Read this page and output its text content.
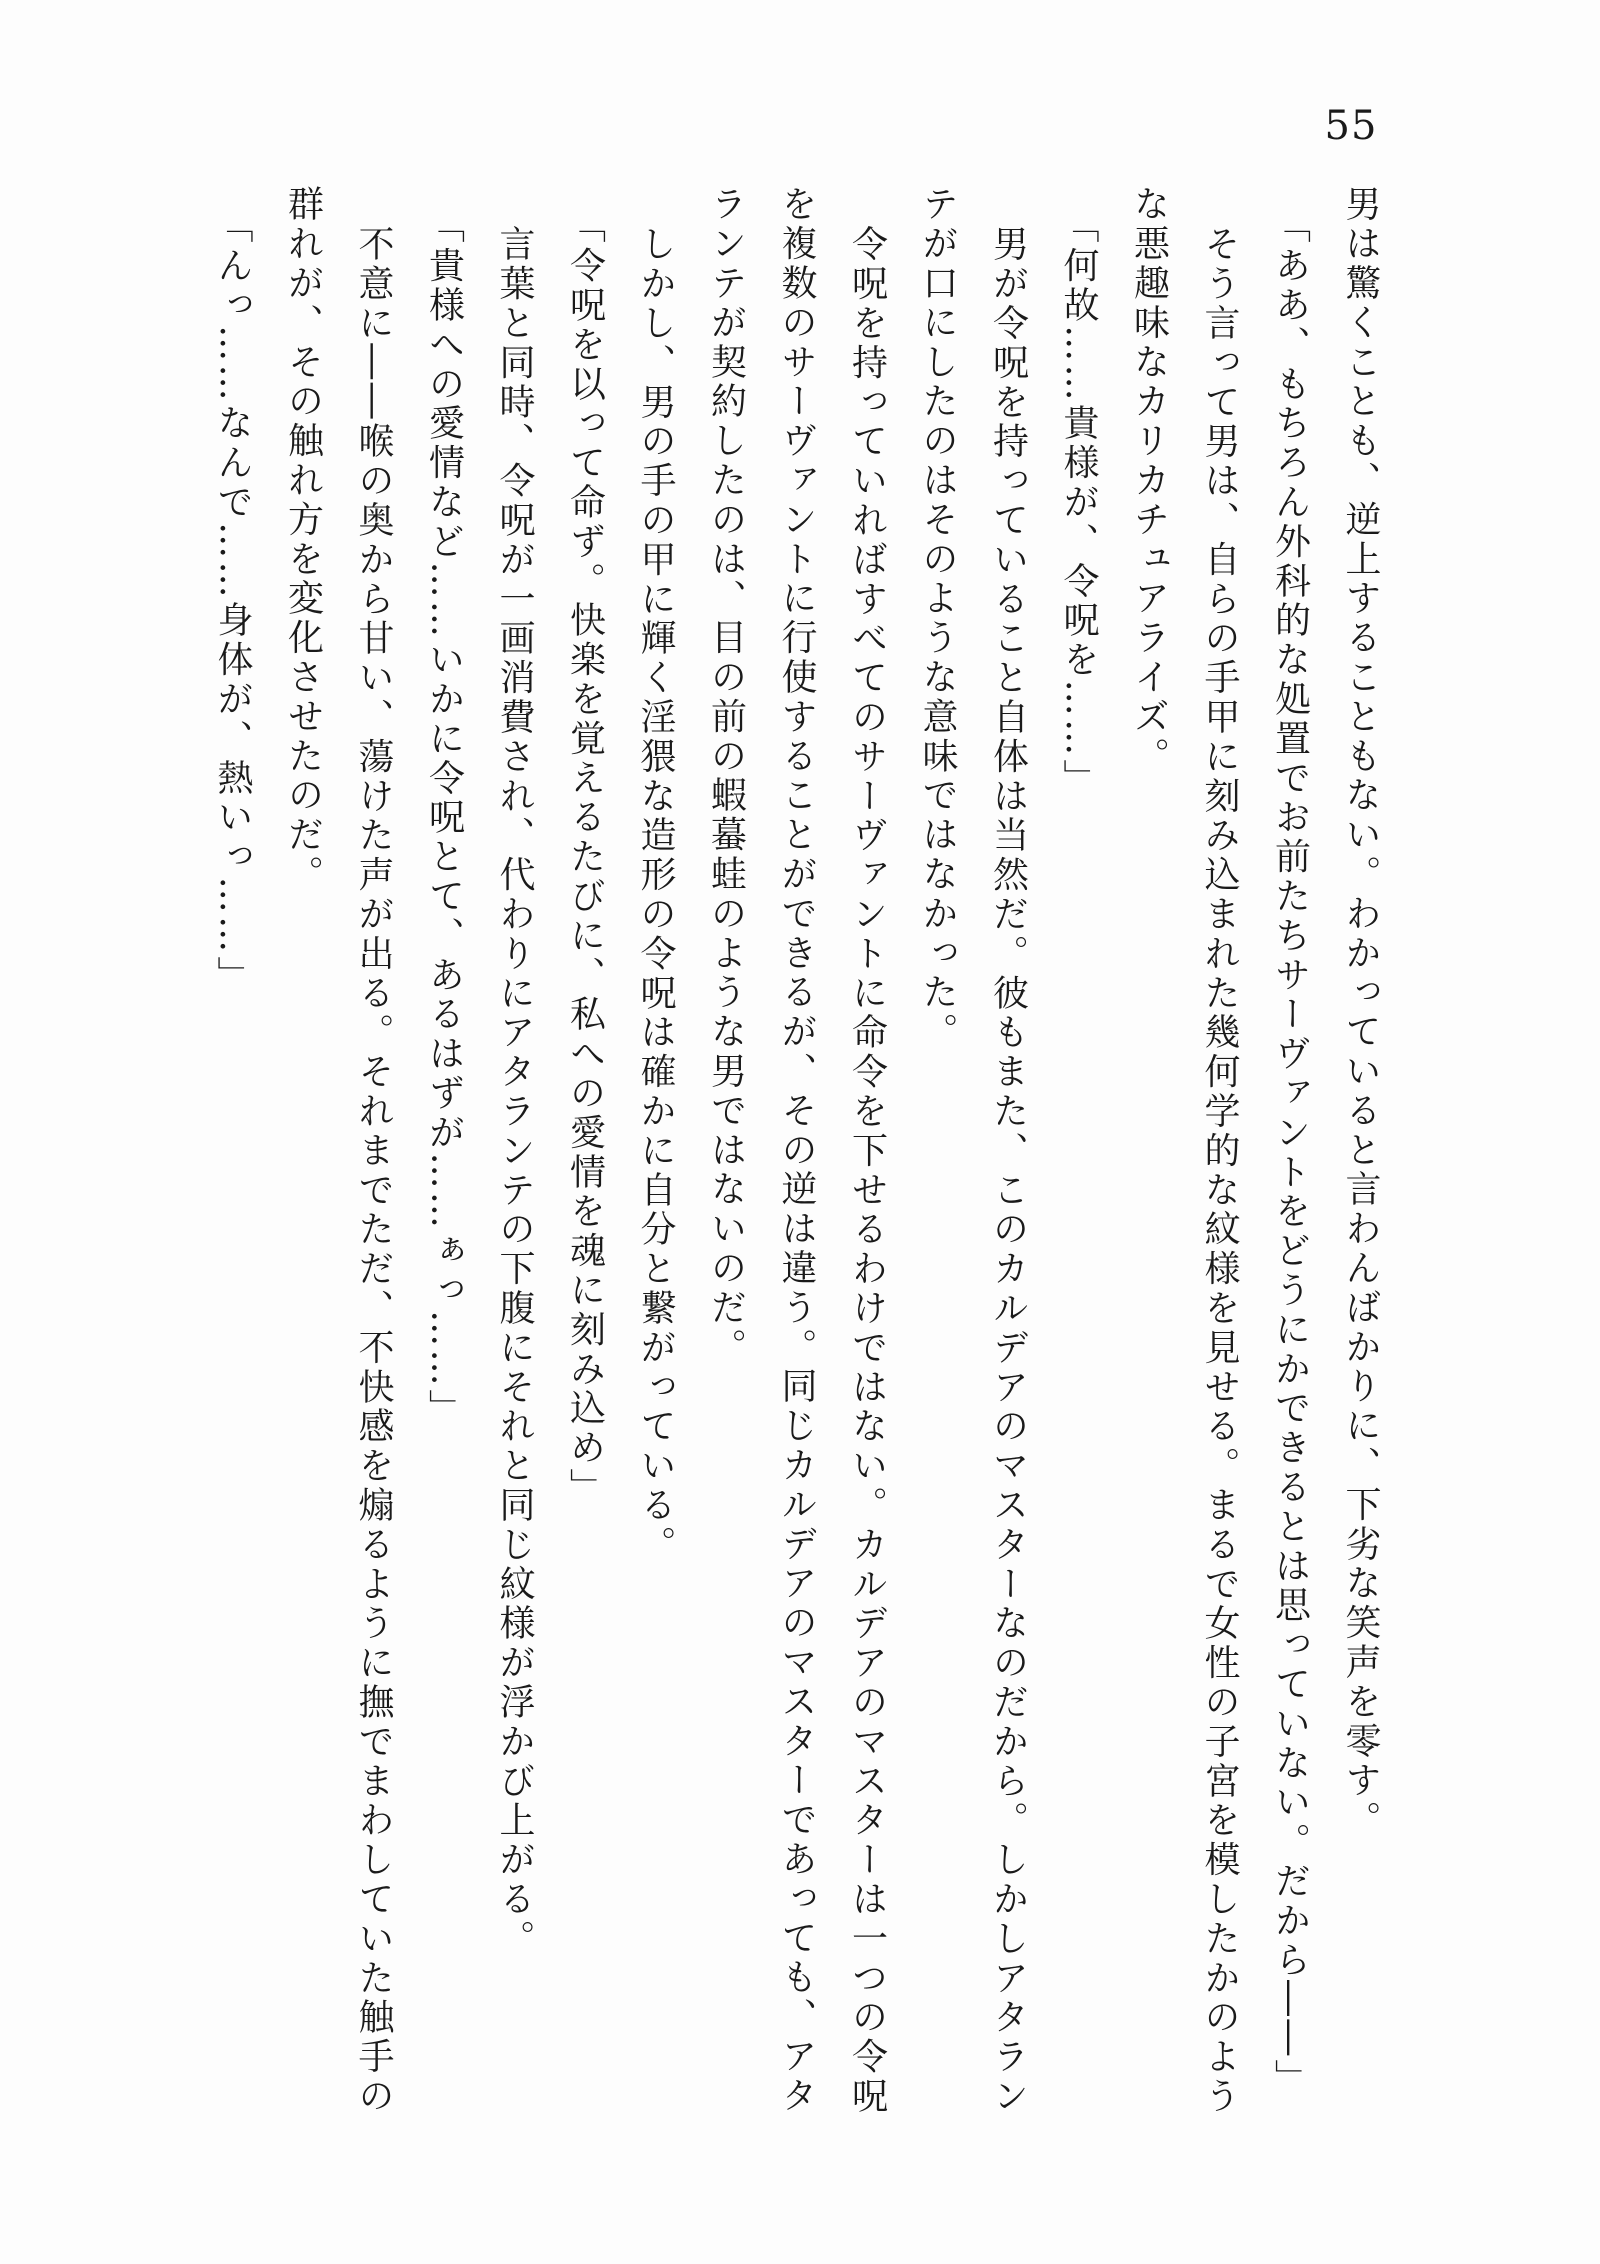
55
男は驚くことも、逆上することもない。わかっていると言わんばかりに、下劣な笑声を零す。
「ああ、もちろん外科的な処置でお前たちサーヴァントをどうにかできるとは思っていない。だから――」
そう言って男は、自らの手甲に刻み込まれた幾何学的な紋様を見せる。まるで女性の子宮を模したかのよう
な悪趣味なカリカチュアライズ。
「何故……貴様が、令呪を……」
男が令呪を持っていること自体は当然だ。彼もまた、このカルデアのマスターなのだから。しかしアタラン
テが口にしたのはそのような意味ではなかった。
令呪を持っていればすべてのサーヴァントに命令を下せるわけではない。カルデアのマスターは一つの令呪
を複数のサーヴァントに行使することができるが、その逆は違う。同じカルデアのマスターであっても、アタ
ランテが契約したのは、目の前の蝦蟇蛙のような男ではないのだ。
しかし、男の手の甲に輝く淫猥な造形の令呪は確かに自分と繋がっている。
「令呪を以って命ず。快楽を覚えるたびに、私への愛情を魂に刻み込め」
言葉と同時、令呪が一画消費され、代わりにアタランテの下腹にそれと同じ紋様が浮かび上がる。
「貴様への愛情など……いかに令呪とて、あるはずが……ぁっ……」
不意に――喉の奥から甘い、蕩けた声が出る。それまでただ、不快感を煽るように撫でまわしていた触手の
群れが、その触れ方を変化させたのだ。
「んっ……なんで……身体が、熱いっ……」
